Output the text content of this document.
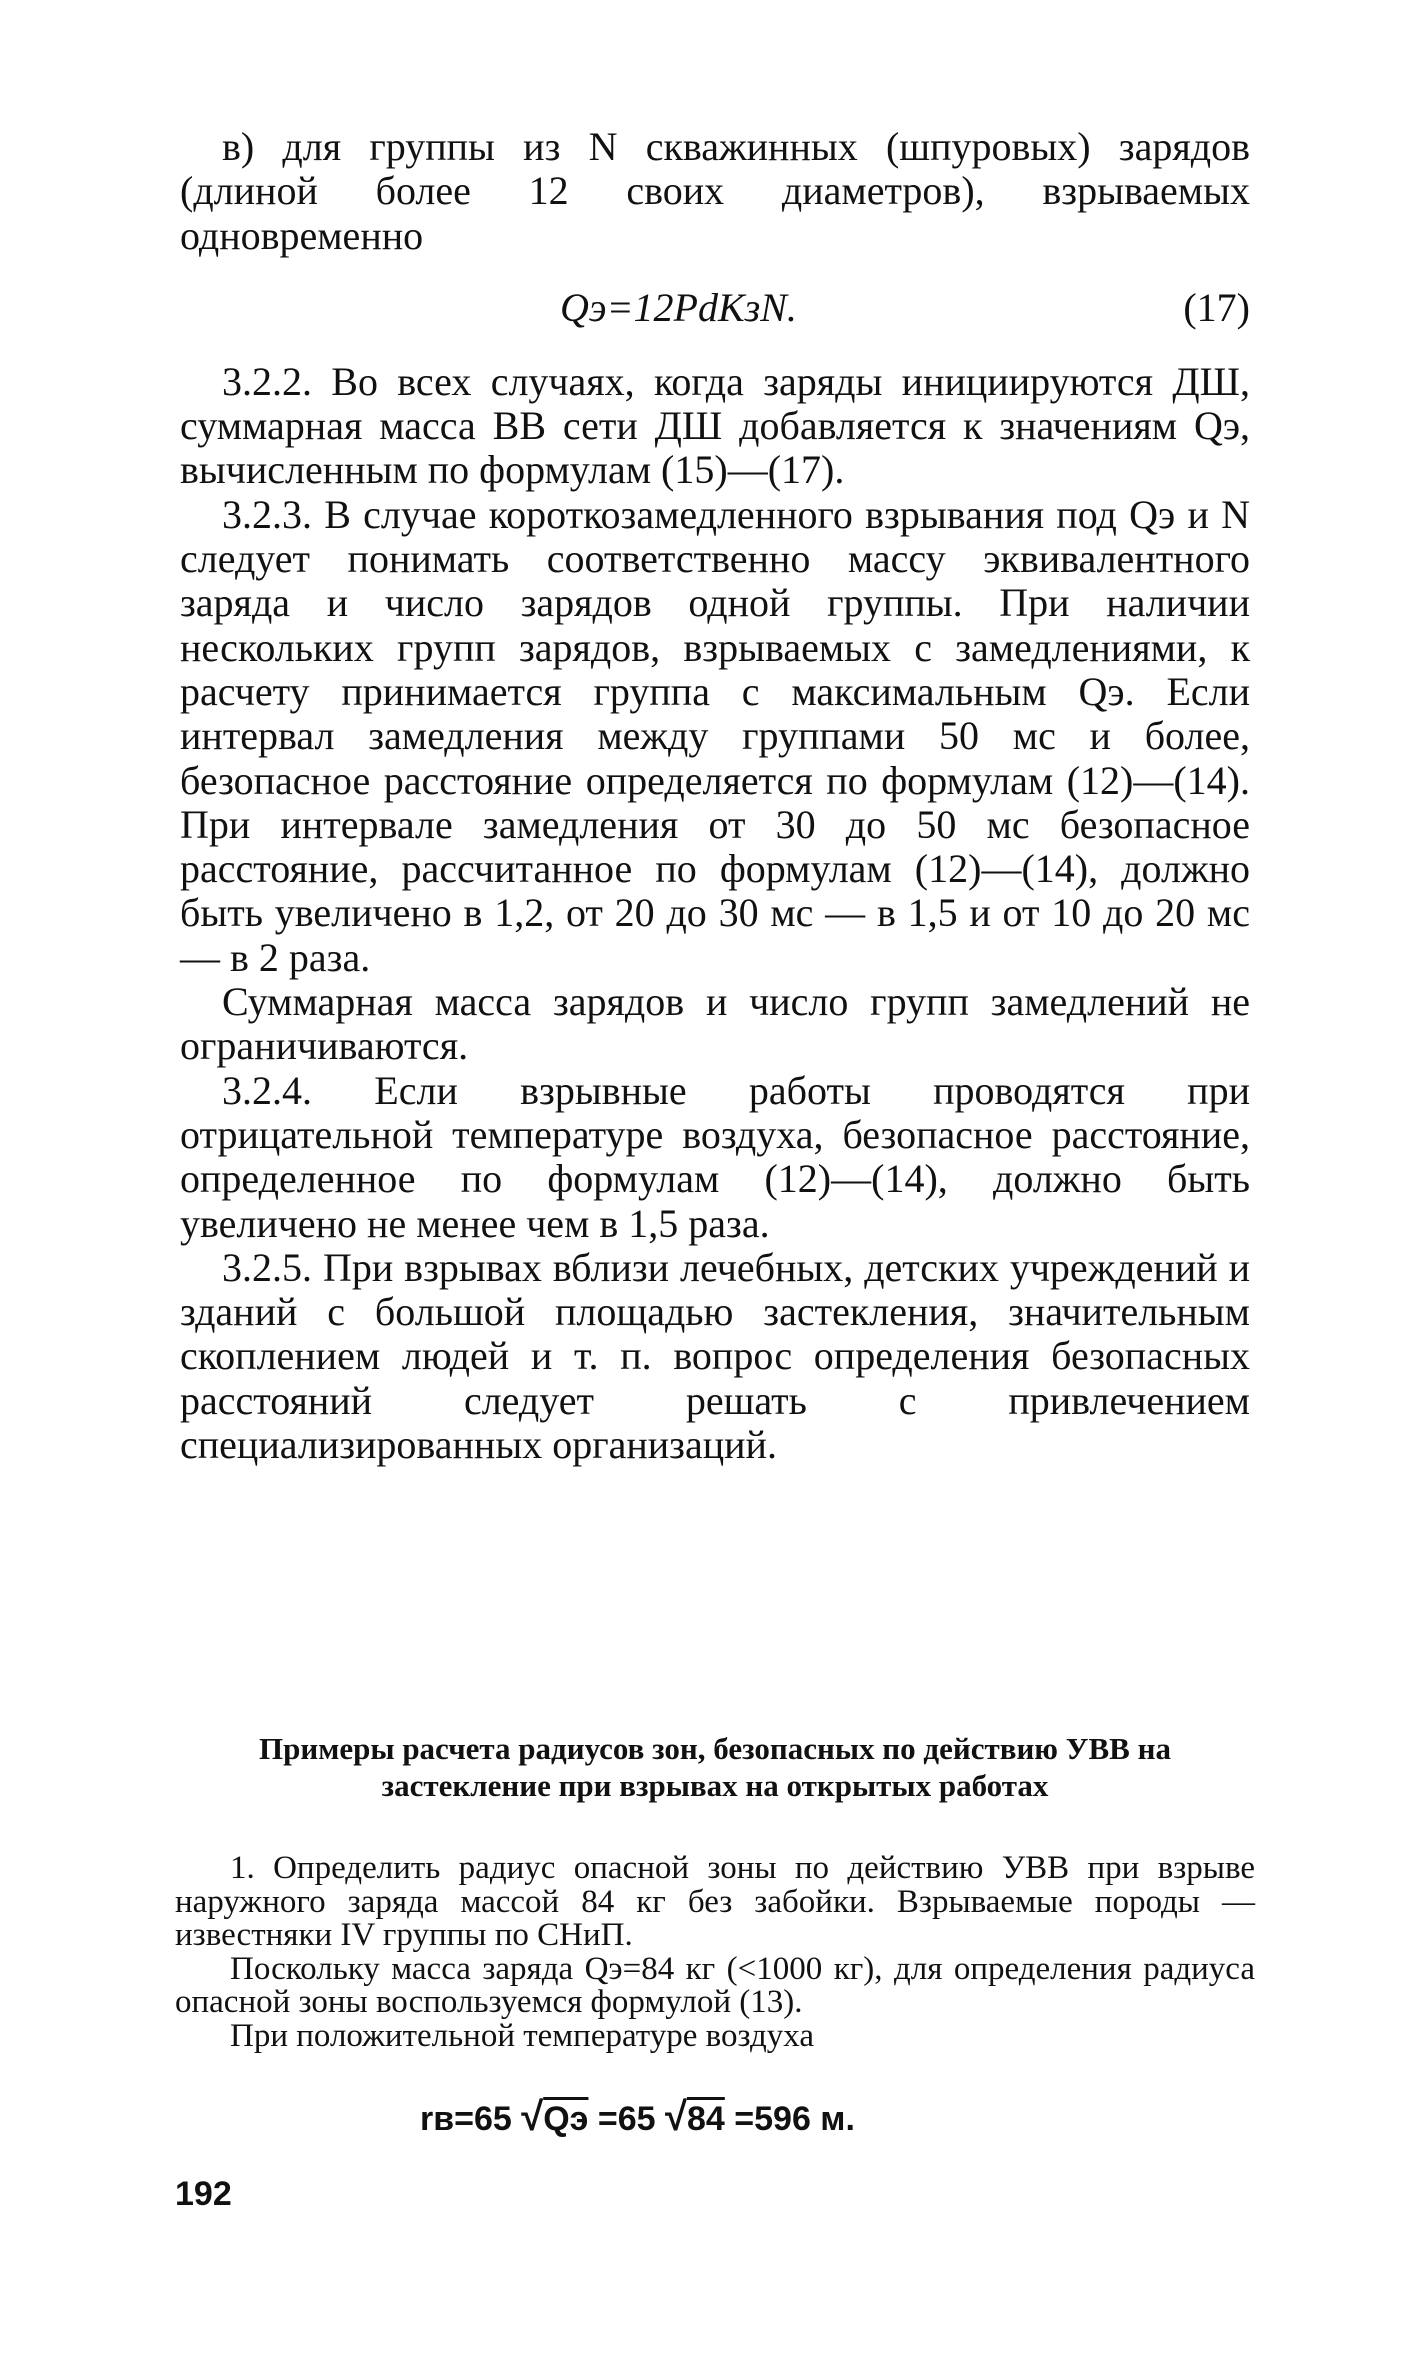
в) для группы из N скважинных (шпуровых) зарядов (длиной более 12 своих диаметров), взрываемых одновременно

Qэ=12PdKзN.	(17)

3.2.2. Во всех случаях, когда заряды инициируются ДШ, суммарная масса ВВ сети ДШ добавляется к значениям Qэ, вычисленным по формулам (15)—(17).

3.2.3. В случае короткозамедленного взрывания под Qэ и N следует понимать соответственно массу эквивалентного заряда и число зарядов одной группы. При наличии нескольких групп зарядов, взрываемых с замедлениями, к расчету принимается группа с максимальным Qэ. Если интервал замедления между группами 50 мс и более, безопасное расстояние определяется по формулам (12)—(14). При интервале замедления от 30 до 50 мс безопасное расстояние, рассчитанное по формулам (12)—(14), должно быть увеличено в 1,2, от 20 до 30 мс — в 1,5 и от 10 до 20 мс — в 2 раза.

Суммарная масса зарядов и число групп замедлений не ограничиваются.

3.2.4. Если взрывные работы проводятся при отрицательной температуре воздуха, безопасное расстояние, определенное по формулам (12)—(14), должно быть увеличено не менее чем в 1,5 раза.

3.2.5. При взрывах вблизи лечебных, детских учреждений и зданий с большой площадью застекления, значительным скоплением людей и т. п. вопрос определения безопасных расстояний следует решать с привлечением специализированных организаций.

Примеры расчета радиусов зон, безопасных по действию УВВ на застекление при взрывах на открытых работах

1. Определить радиус опасной зоны по действию УВВ при взрыве наружного заряда массой 84 кг без забойки. Взрываемые породы — известняки IV группы по СНиП.

Поскольку масса заряда Qэ=84 кг (<1000 кг), для определения радиуса опасной зоны воспользуемся формулой (13).

При положительной температуре воздуха

rв=65 √Qэ =65 √84 =596 м.
192
